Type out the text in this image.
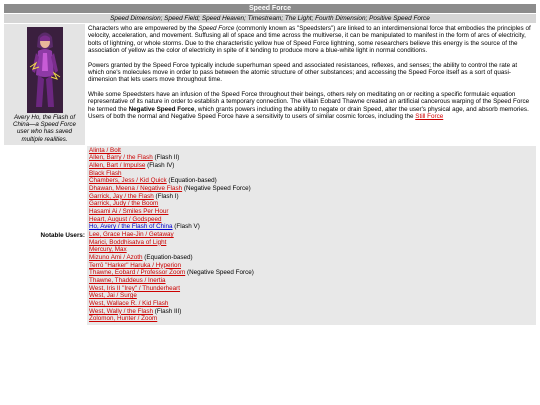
Speed Force
Speed Dimension; Speed Field; Speed Heaven; Timestream; The Light; Fourth Dimension; Positive Speed Force
Avery Ho, the Flash of China—a Speed Force user who has saved multiple realities.

Characters who are empowered by the Speed Force (commonly known as "Speedsters") are linked to an interdimensional force that embodies the principles of velocity, acceleration, and movement. Suffusing all of space and time across the multiverse, it can be manipulated to manifest in the form of arcs of electricity, bolts of lightning, or whole storms. Due to the characteristic yellow hue of Speed Force lightning, some researchers believe this energy is the source of the association of yellow as the color of electricity in spite of it tending to produce more a blue-white light in normal conditions.

Powers granted by the Speed Force typically include superhuman speed and associated resistances, reflexes, and senses; the ability to control the rate at which one's molecules move in order to pass between the atomic structure of other substances; and accessing the Speed Force itself as a sort of quasi-dimension that lets users move throughout time.

While some Speedsters have an infusion of the Speed Force throughout their beings, others rely on meditating on or reciting a specific formulaic equation representative of its nature in order to establish a temporary connection. The villain Eobard Thawne created an artificial cancerous warping of the Speed Force he termed the Negative Speed Force, which grants powers including the ability to negate or drain Speed, alter the user's physical age, and absorb memories. Users of both the normal and Negative Speed Force have a sensitivity to users of similar cosmic forces, including the Still Force

Notable Users:
Alinta / Bolt
Allen, Barry / the Flash (Flash II)
Allen, Bart / Impulse (Flash IV)
Black Flash
Chambers, Jess / Kid Quick (Equation-based)
Dhawan, Meena / Negative Flash (Negative Speed Force)
Garrick, Jay / the Flash (Flash I)
Garrick, Judy / the Boom
Hasami Ai / Smiles Per Hour
Heart, August / Godspeed
Ho, Avery / the Flash of China (Flash V)
Lee, Grace Hae-Jin / Getaway
Marici, Boddhisatva of Light
Mercury, Max
Mizuno Ami / Azoth (Equation-based)
Terrō "Harker" Haruka / Hyperion
Thawne, Eobard / Professor Zoom (Negative Speed Force)
Thawne, Thaddeus / Inertia
West, Iris II "Irey" / Thunderheart
West, Jai / Surge
West, Wallace R. / Kid Flash
West, Wally / the Flash (Flash III)
Zolomon, Hunter / Zoom
